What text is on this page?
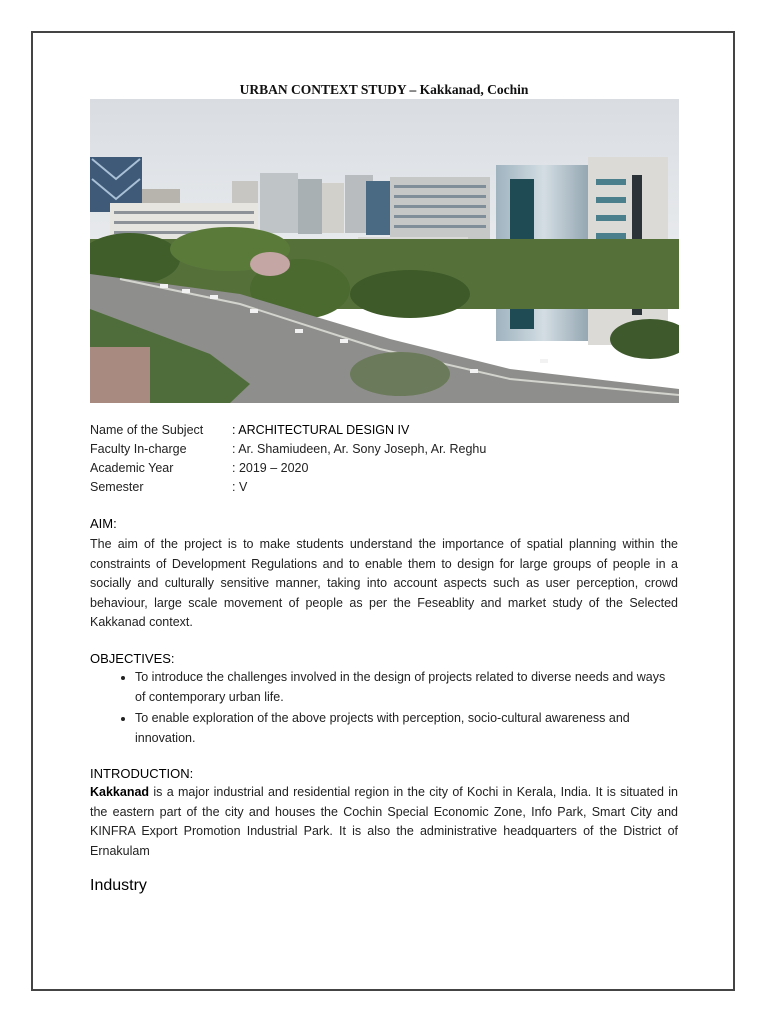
URBAN CONTEXT STUDY – Kakkanad, Cochin
Name of the Subject	: ARCHITECTURAL DESIGN IV
Faculty In-charge	: Ar. Shamiudeen, Ar. Sony Joseph, Ar. Reghu
Academic Year	: 2019 – 2020
Semester	: V
AIM:
The aim of the project is to make students understand the importance of spatial planning within the constraints of Development Regulations and to enable them to design for large groups of people in a socially and culturally sensitive manner, taking into account aspects such as user perception, crowd behaviour, large scale movement of people as per the Feseablity and market study of the Selected Kakkanad context.
OBJECTIVES:
• To introduce the challenges involved in the design of projects related to diverse needs and ways of contemporary urban life.
• To enable exploration of the above projects with perception, socio-cultural awareness and innovation.
INTRODUCTION:
Kakkanad is a major industrial and residential region in the city of Kochi in Kerala, India. It is situated in the eastern part of the city and houses the Cochin Special Economic Zone, Info Park, Smart City and KINFRA Export Promotion Industrial Park. It is also the administrative headquarters of the District of Ernakulam
Industry
